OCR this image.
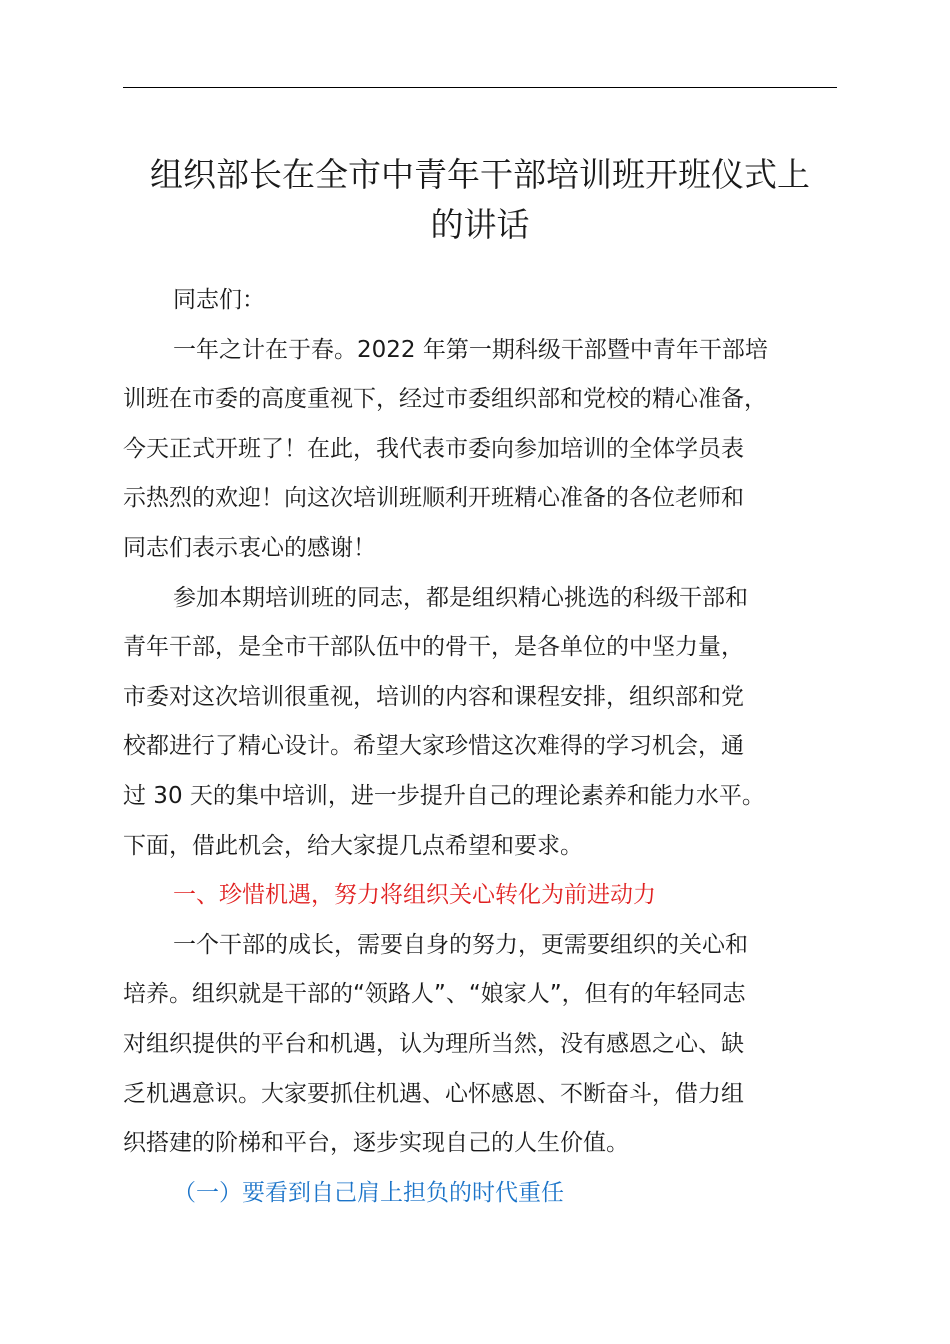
组织部长在全市中青年干部培训班开班仪式上
的讲话

同志们：

一年之计在于春。2022 年第一期科级干部暨中青年干部培
训班在市委的高度重视下，经过市委组织部和党校的精心准备，
今天正式开班了！在此，我代表市委向参加培训的全体学员表
示热烈的欢迎！向这次培训班顺利开班精心准备的各位老师和
同志们表示衷心的感谢！

参加本期培训班的同志，都是组织精心挑选的科级干部和
青年干部，是全市干部队伍中的骨干，是各单位的中坚力量，
市委对这次培训很重视，培训的内容和课程安排，组织部和党
校都进行了精心设计。希望大家珍惜这次难得的学习机会，通
过 30 天的集中培训，进一步提升自己的理论素养和能力水平。
下面，借此机会，给大家提几点希望和要求。

一、珍惜机遇，努力将组织关心转化为前进动力

一个干部的成长，需要自身的努力，更需要组织的关心和
培养。组织就是干部的“领路人”、“娘家人”，但有的年轻同志
对组织提供的平台和机遇，认为理所当然，没有感恩之心、缺
乏机遇意识。大家要抓住机遇、心怀感恩、不断奋斗，借力组
织搭建的阶梯和平台，逐步实现自己的人生价值。

（一）要看到自己肩上担负的时代重任
